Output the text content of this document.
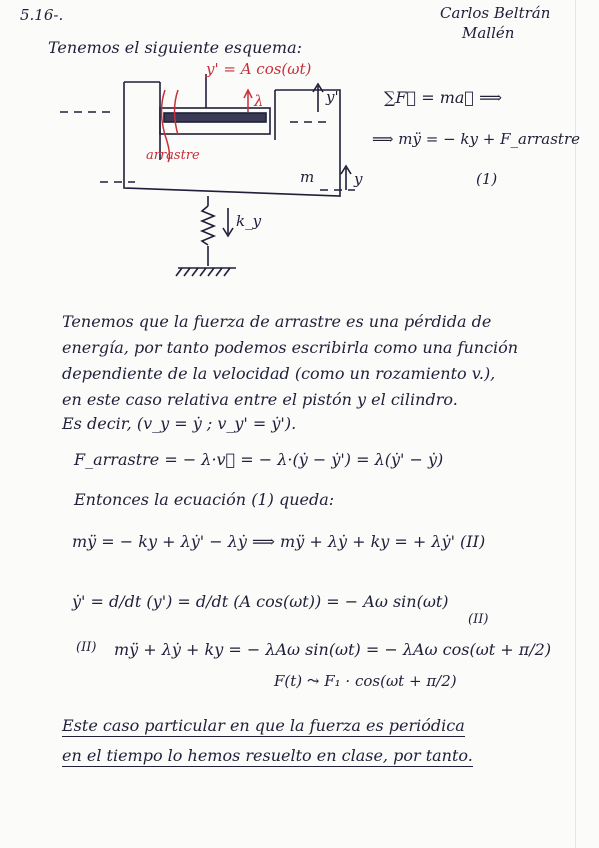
5.16-.	Carlos Beltrán
Mallén
Tenemos el siguiente esquema:
y' = A cos(ωt)
λ
arrastre
y'
y
m
k_y
∑F⃗ = ma⃗ ⟹
⟹ mÿ = − ky + F_arrastre
(1)
Tenemos que la fuerza de arrastre es una pérdida de
energía, por tanto podemos escribirla como una función
dependiente de la velocidad (como un rozamiento v.),
en este caso relativa entre el pistón y el cilindro.
Es decir, (v_y = ẏ ; v_y' = ẏ').
F_arrastre = − λ·v⃗ = − λ·(ẏ − ẏ') = λ(ẏ' − ẏ)
Entonces la ecuación (1) queda:
mÿ = − ky + λẏ' − λẏ ⟹ mÿ + λẏ + ky = + λẏ' (II)
ẏ' = d/dt (y') = d/dt (A cos(ωt)) = − Aω sin(ωt)
(II)
(II) mÿ + λẏ + ky = − λAω sin(ωt) = − λAω cos(ωt + π/2)
F(t) ⤳ F₁ · cos(ωt + π/2)
Este caso particular en que la fuerza es periódica
en el tiempo lo hemos resuelto en clase, por tanto.
